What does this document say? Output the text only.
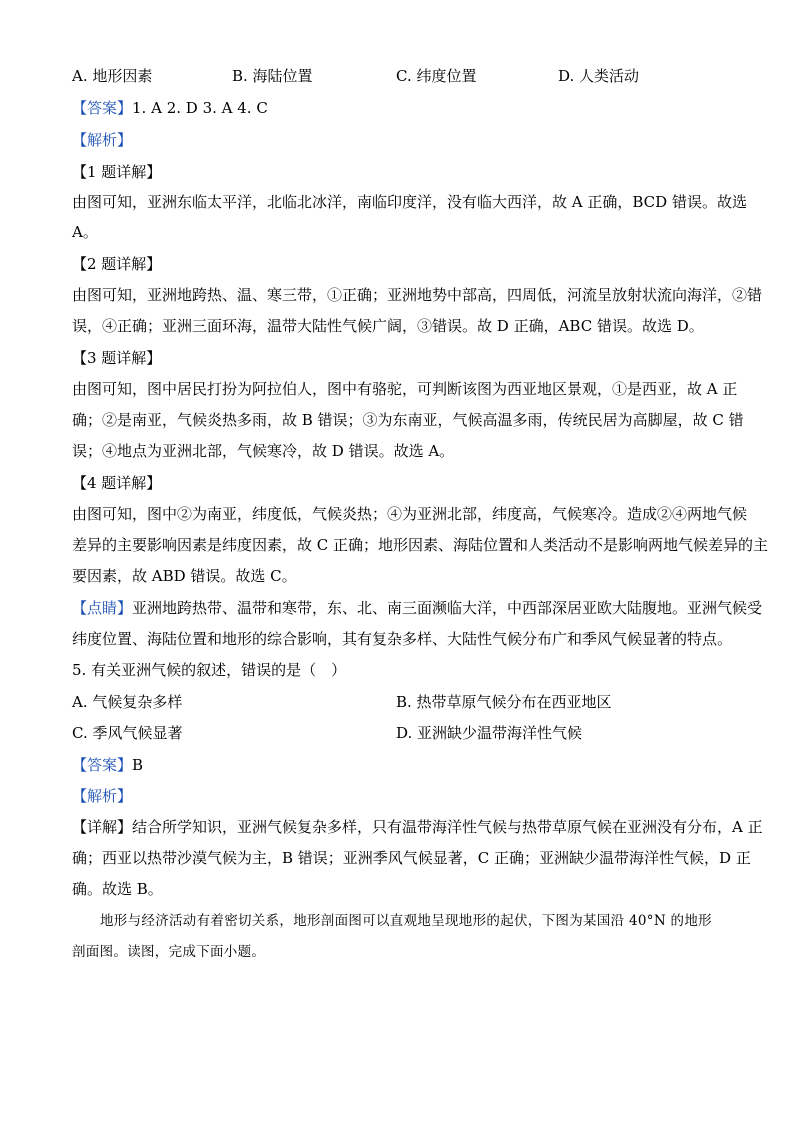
A. 地形因素	B. 海陆位置	C. 纬度位置	D. 人类活动
【答案】1. A 2. D 3. A 4. C
【解析】
【1 题详解】
由图可知，亚洲东临太平洋，北临北冰洋，南临印度洋，没有临大西洋，故 A 正确，BCD 错误。故选
A。
【2 题详解】
由图可知，亚洲地跨热、温、寒三带，①正确；亚洲地势中部高，四周低，河流呈放射状流向海洋，②错
误，④正确；亚洲三面环海，温带大陆性气候广阔，③错误。故 D 正确，ABC 错误。故选 D。
【3 题详解】
由图可知，图中居民打扮为阿拉伯人，图中有骆驼，可判断该图为西亚地区景观，①是西亚，故 A 正
确；②是南亚，气候炎热多雨，故 B 错误；③为东南亚，气候高温多雨，传统民居为高脚屋，故 C 错
误；④地点为亚洲北部，气候寒冷，故 D 错误。故选 A。
【4 题详解】
由图可知，图中②为南亚，纬度低，气候炎热；④为亚洲北部，纬度高，气候寒冷。造成②④两地气候
差异的主要影响因素是纬度因素，故 C 正确；地形因素、海陆位置和人类活动不是影响两地气候差异的主
要因素，故 ABD 错误。故选 C。
【点睛】亚洲地跨热带、温带和寒带，东、北、南三面濒临大洋，中西部深居亚欧大陆腹地。亚洲气候受
纬度位置、海陆位置和地形的综合影响，其有复杂多样、大陆性气候分布广和季风气候显著的特点。
5. 有关亚洲气候的叙述，错误的是（　）
A. 气候复杂多样	B. 热带草原气候分布在西亚地区
C. 季风气候显著	D. 亚洲缺少温带海洋性气候
【答案】B
【解析】
【详解】结合所学知识，亚洲气候复杂多样，只有温带海洋性气候与热带草原气候在亚洲没有分布，A 正
确；西亚以热带沙漠气候为主，B 错误；亚洲季风气候显著，C 正确；亚洲缺少温带海洋性气候，D 正
确。故选 B。
地形与经济活动有着密切关系，地形剖面图可以直观地呈现地形的起伏，下图为某国沿 40°N 的地形
剖面图。读图，完成下面小题。
